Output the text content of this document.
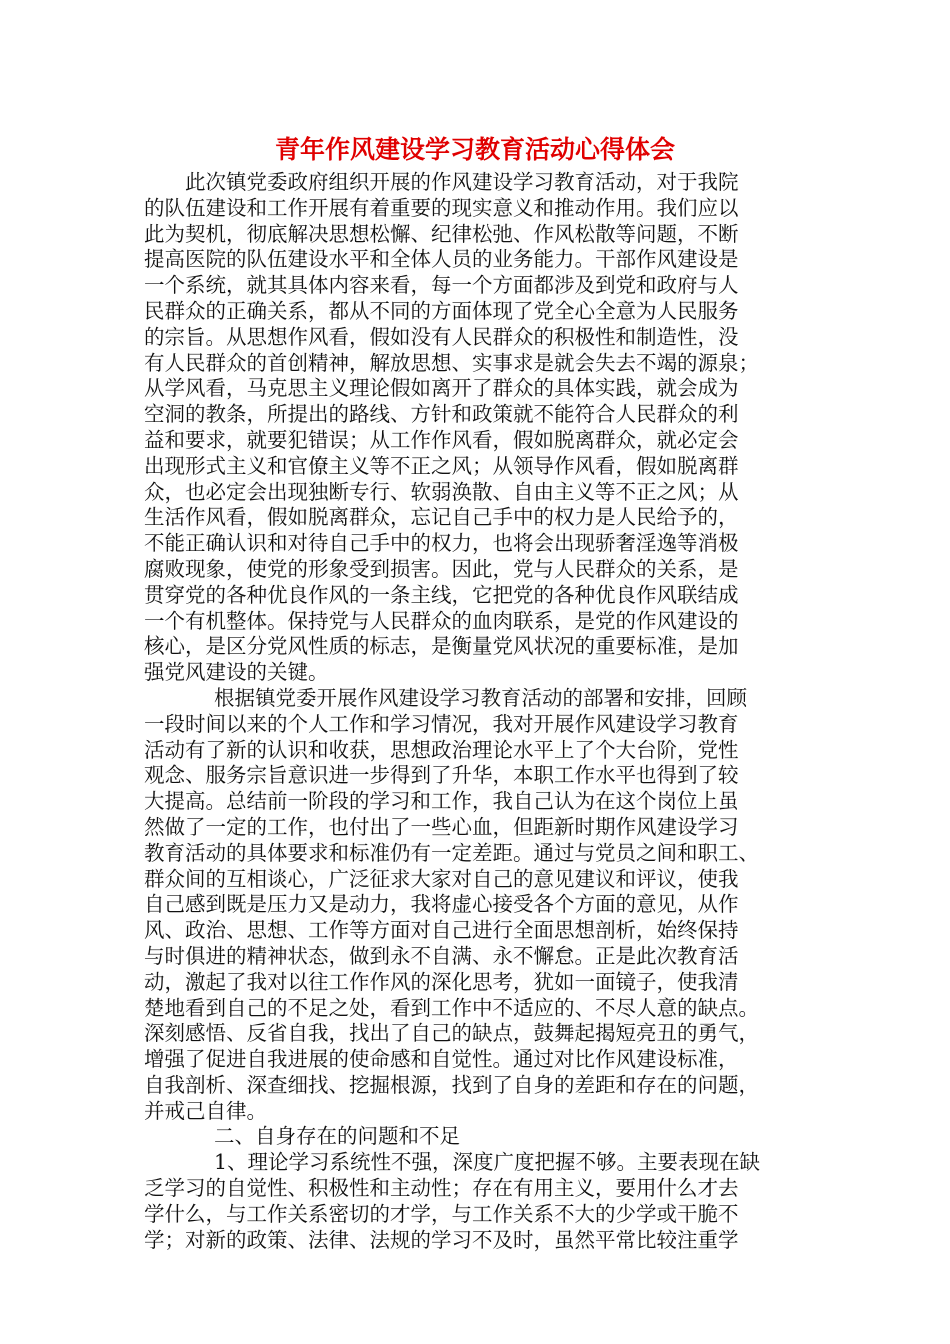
青年作风建设学习教育活动心得体会
此次镇党委政府组织开展的作风建设学习教育活动，对于我院
的队伍建设和工作开展有着重要的现实意义和推动作用。我们应以
此为契机，彻底解决思想松懈、纪律松弛、作风松散等问题，不断
提高医院的队伍建设水平和全体人员的业务能力。干部作风建设是
一个系统，就其具体内容来看，每一个方面都涉及到党和政府与人
民群众的正确关系，都从不同的方面体现了党全心全意为人民服务
的宗旨。从思想作风看，假如没有人民群众的积极性和制造性，没
有人民群众的首创精神，解放思想、实事求是就会失去不竭的源泉；
从学风看，马克思主义理论假如离开了群众的具体实践，就会成为
空洞的教条，所提出的路线、方针和政策就不能符合人民群众的利
益和要求，就要犯错误；从工作作风看，假如脱离群众，就必定会
出现形式主义和官僚主义等不正之风；从领导作风看，假如脱离群
众，也必定会出现独断专行、软弱涣散、自由主义等不正之风；从
生活作风看，假如脱离群众，忘记自己手中的权力是人民给予的，
不能正确认识和对待自己手中的权力，也将会出现骄奢淫逸等消极
腐败现象，使党的形象受到损害。因此，党与人民群众的关系，是
贯穿党的各种优良作风的一条主线，它把党的各种优良作风联结成
一个有机整体。保持党与人民群众的血肉联系，是党的作风建设的
核心，是区分党风性质的标志，是衡量党风状况的重要标准，是加
强党风建设的关键。
根据镇党委开展作风建设学习教育活动的部署和安排，回顾
一段时间以来的个人工作和学习情况，我对开展作风建设学习教育
活动有了新的认识和收获，思想政治理论水平上了个大台阶，党性
观念、服务宗旨意识进一步得到了升华，本职工作水平也得到了较
大提高。总结前一阶段的学习和工作，我自己认为在这个岗位上虽
然做了一定的工作，也付出了一些心血，但距新时期作风建设学习
教育活动的具体要求和标准仍有一定差距。通过与党员之间和职工、
群众间的互相谈心，广泛征求大家对自己的意见建议和评议，使我
自己感到既是压力又是动力，我将虚心接受各个方面的意见，从作
风、政治、思想、工作等方面对自己进行全面思想剖析，始终保持
与时俱进的精神状态，做到永不自满、永不懈怠。正是此次教育活
动，激起了我对以往工作作风的深化思考，犹如一面镜子，使我清
楚地看到自己的不足之处，看到工作中不适应的、不尽人意的缺点。
深刻感悟、反省自我，找出了自己的缺点，鼓舞起揭短亮丑的勇气，
增强了促进自我进展的使命感和自觉性。通过对比作风建设标准，
自我剖析、深查细找、挖掘根源，找到了自身的差距和存在的问题，
并戒己自律。
二、自身存在的问题和不足
1、理论学习系统性不强，深度广度把握不够。主要表现在缺
乏学习的自觉性、积极性和主动性；存在有用主义，要用什么才去
学什么，与工作关系密切的才学，与工作关系不大的少学或干脆不
学；对新的政策、法律、法规的学习不及时，虽然平常比较注重学
